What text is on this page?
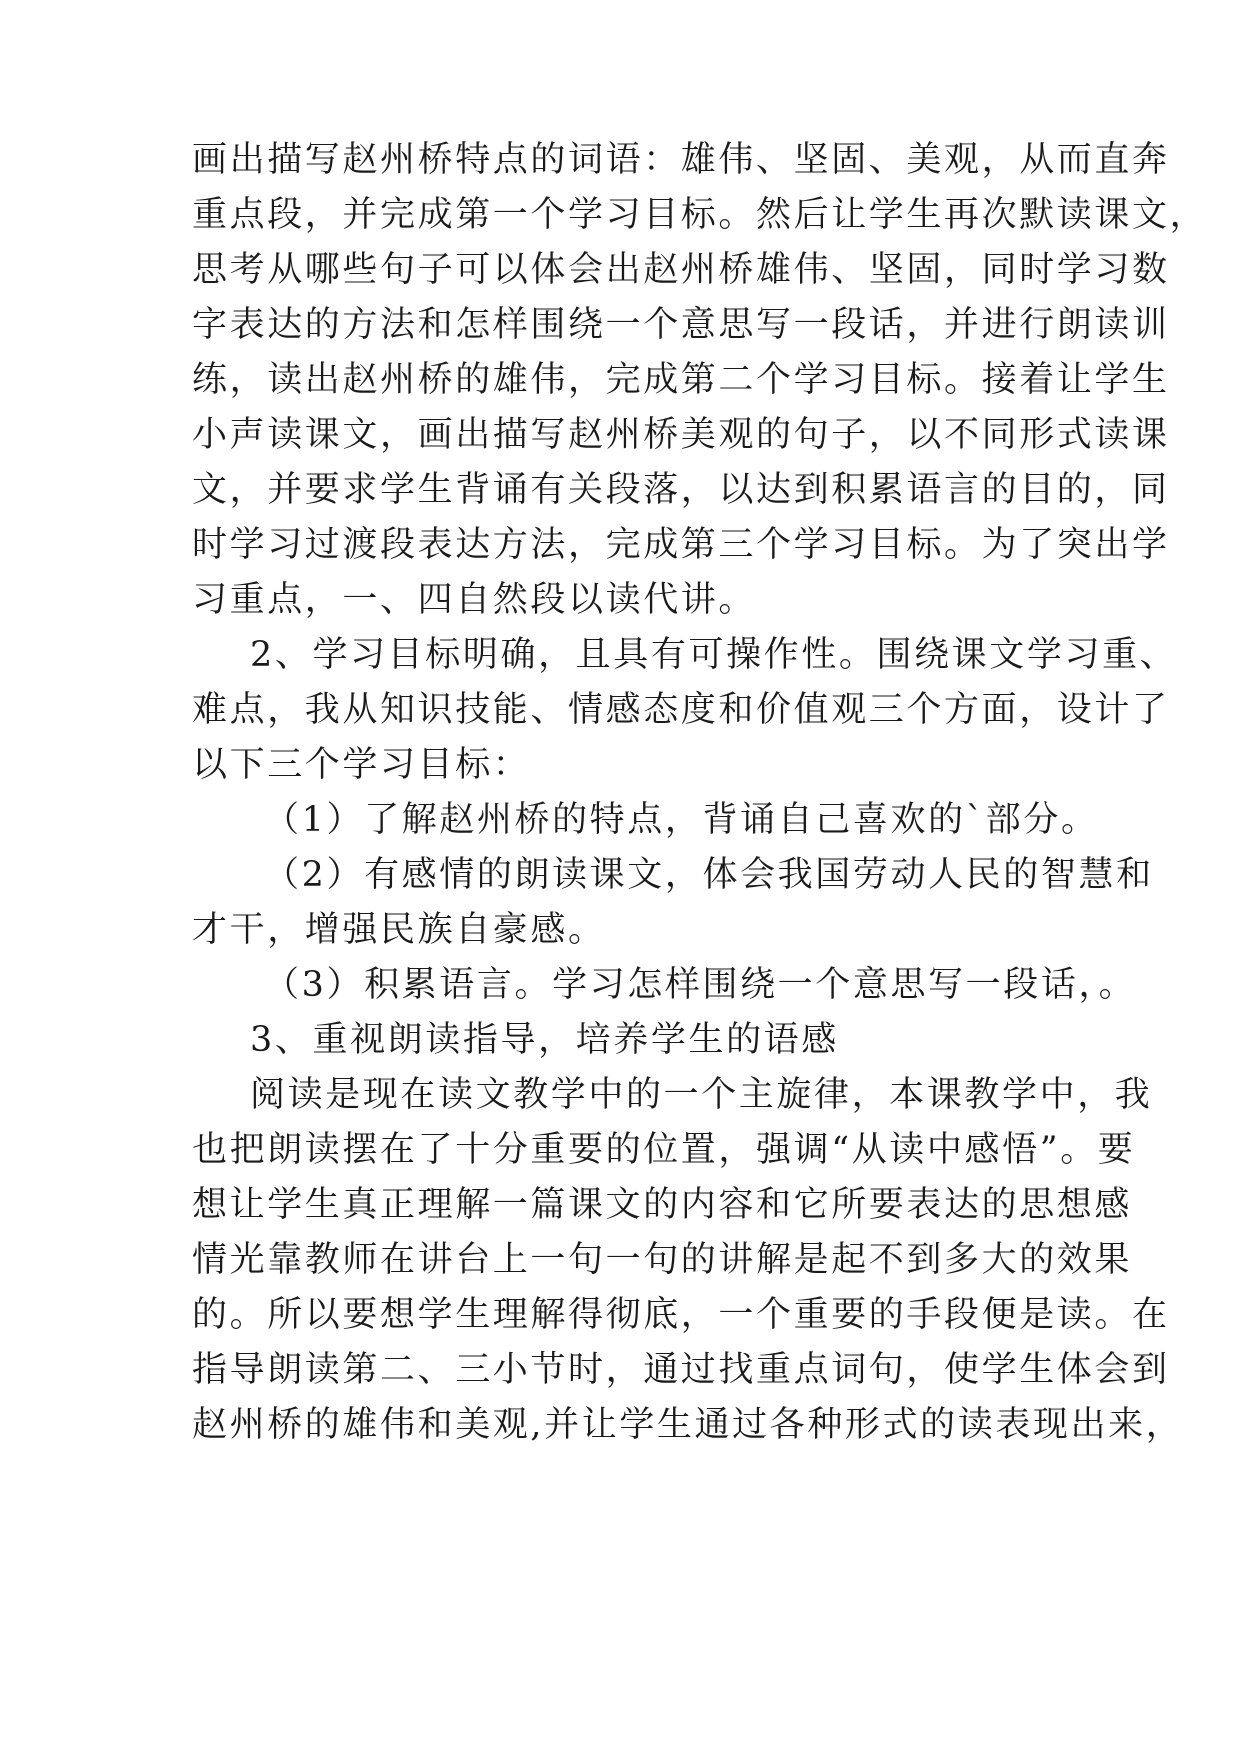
画出描写赵州桥特点的词语：雄伟、坚固、美观，从而直奔
重点段，并完成第一个学习目标。然后让学生再次默读课文，
思考从哪些句子可以体会出赵州桥雄伟、坚固，同时学习数
字表达的方法和怎样围绕一个意思写一段话，并进行朗读训
练，读出赵州桥的雄伟，完成第二个学习目标。接着让学生
小声读课文，画出描写赵州桥美观的句子，以不同形式读课
文，并要求学生背诵有关段落，以达到积累语言的目的，同
时学习过渡段表达方法，完成第三个学习目标。为了突出学
习重点，一、四自然段以读代讲。
2、学习目标明确，且具有可操作性。围绕课文学习重、
难点，我从知识技能、情感态度和价值观三个方面，设计了
以下三个学习目标：
（1）了解赵州桥的特点，背诵自己喜欢的`部分。
（2）有感情的朗读课文，体会我国劳动人民的智慧和
才干，增强民族自豪感。
（3）积累语言。学习怎样围绕一个意思写一段话，。
3、重视朗读指导，培养学生的语感
阅读是现在读文教学中的一个主旋律，本课教学中，我
也把朗读摆在了十分重要的位置，强调“从读中感悟”。要
想让学生真正理解一篇课文的内容和它所要表达的思想感
情光靠教师在讲台上一句一句的讲解是起不到多大的效果
的。所以要想学生理解得彻底，一个重要的手段便是读。在
指导朗读第二、三小节时，通过找重点词句，使学生体会到
赵州桥的雄伟和美观,并让学生通过各种形式的读表现出来，
